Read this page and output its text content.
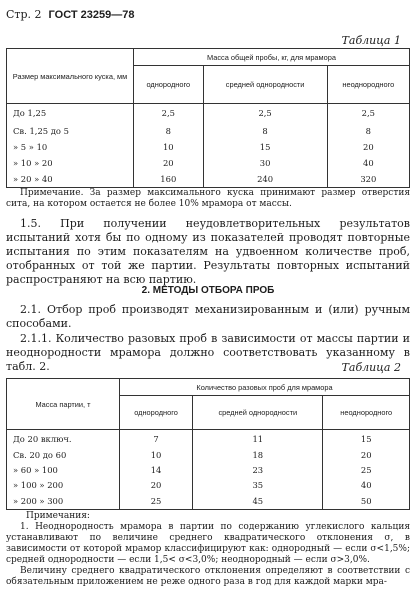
Стр. 2 ГОСТ 23259—78
Таблица 1
Размер максимального куска, мм	Масса общей пробы, кг, для мрамора		
	однородного	средней однородности	неоднородного
До 1,25	2,5	2,5	2,5
Св. 1,25 до 5	8	8	8
» 5 » 10	10	15	20
» 10 » 20	20	30	40
» 20 » 40	160	240	320

Примечание. За размер максимального куска принимают размер отверстия сита, на котором остается не более 10% мрамора от массы.

1.5. При получении неудовлетворительных результатов испытаний хотя бы по одному из показателей проводят повторные испытания по этим показателям на удвоенном количестве проб, отобранных от той же партии. Результаты повторных испытаний распространяют на всю партию.

2. МЕТОДЫ ОТБОРА ПРОБ

2.1. Отбор проб производят механизированным и (или) ручным способами.

2.1.1. Количество разовых проб в зависимости от массы партии и неоднородности мрамора должно соответствовать указанному в табл. 2.	Таблица 2
Масса партии, т	Количество разовых проб для мрамора		
	однородного	средней однородности	неоднородного
До 20 включ.	7	11	15
Св. 20 до 60	10	18	20
» 60 » 100	14	23	25
» 100 » 200	20	35	40
» 200 » 300	25	45	50

Примечания:

1. Неоднородность мрамора в партии по содержанию углекислого кальция устанавливают по величине среднего квадратического отклонения σ, в зависимости от которой мрамор классифицируют как: однородный — если σ<1,5%; средней однородности — если 1,5< σ<3,0%; неоднородный — если σ>3,0%.

Величину среднего квадратического отклонения определяют в соответствии с обязательным приложением не реже одного раза в год для каждой марки мра-
